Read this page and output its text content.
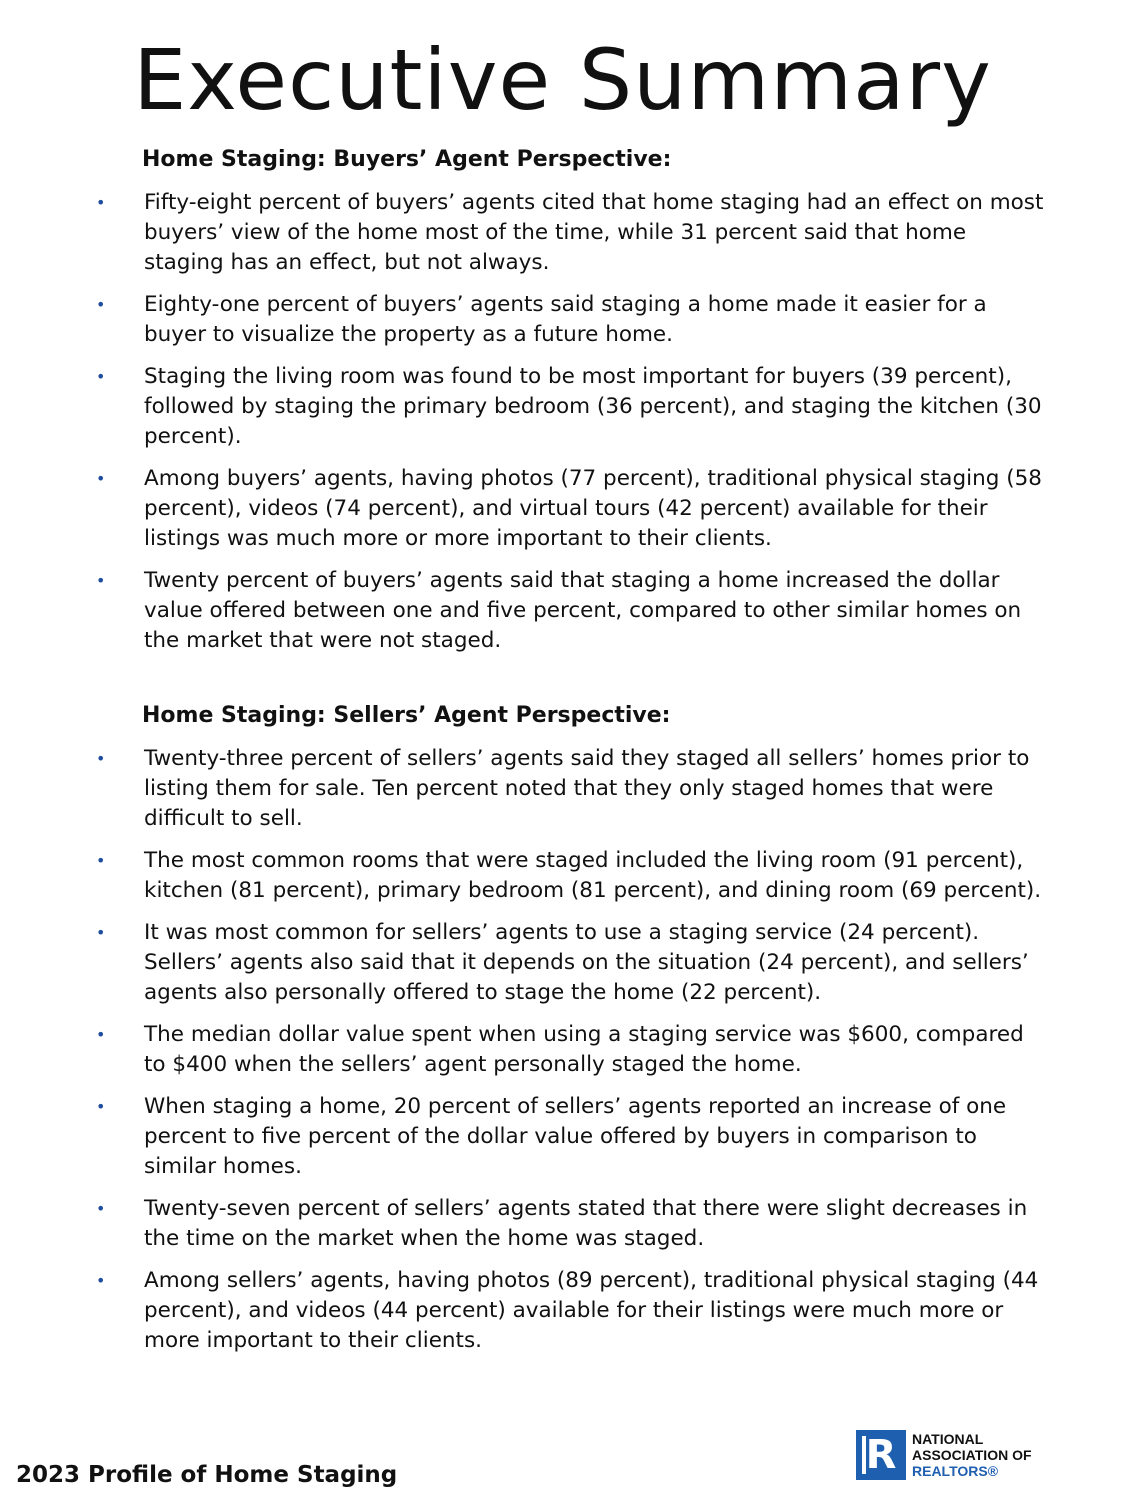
Executive Summary
Home Staging: Buyers’ Agent Perspective:
• Fifty-eight percent of buyers’ agents cited that home staging had an effect on most buyers’ view of the home most of the time, while 31 percent said that home staging has an effect, but not always.
• Eighty-one percent of buyers’ agents said staging a home made it easier for a buyer to visualize the property as a future home.
• Staging the living room was found to be most important for buyers (39 percent), followed by staging the primary bedroom (36 percent), and staging the kitchen (30 percent).
• Among buyers’ agents, having photos (77 percent), traditional physical staging (58 percent), videos (74 percent), and virtual tours (42 percent) available for their listings was much more or more important to their clients.
• Twenty percent of buyers’ agents said that staging a home increased the dollar value offered between one and five percent, compared to other similar homes on the market that were not staged.
Home Staging: Sellers’ Agent Perspective:
• Twenty-three percent of sellers’ agents said they staged all sellers’ homes prior to listing them for sale. Ten percent noted that they only staged homes that were difficult to sell.
• The most common rooms that were staged included the living room (91 percent), kitchen (81 percent), primary bedroom (81 percent), and dining room (69 percent).
• It was most common for sellers’ agents to use a staging service (24 percent). Sellers’ agents also said that it depends on the situation (24 percent), and sellers’ agents also personally offered to stage the home (22 percent).
• The median dollar value spent when using a staging service was $600, compared to $400 when the sellers’ agent personally staged the home.
• When staging a home, 20 percent of sellers’ agents reported an increase of one percent to five percent of the dollar value offered by buyers in comparison to similar homes.
• Twenty-seven percent of sellers’ agents stated that there were slight decreases in the time on the market when the home was staged.
• Among sellers’ agents, having photos (89 percent), traditional physical staging (44 percent), and videos (44 percent) available for their listings were much more or more important to their clients.
2023 Profile of Home Staging	R	NATIONAL
ASSOCIATION OF
REALTORS®
